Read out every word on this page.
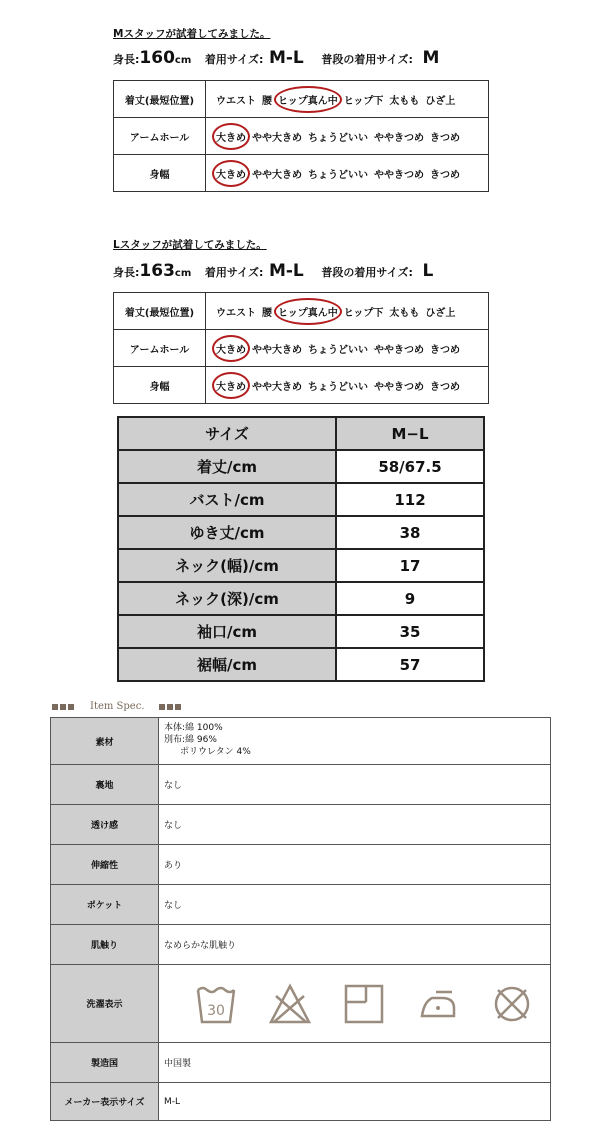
Mスタッフが試着してみました。
身長:160cm 着用サイズ: M-L 普段の着用サイズ: M
着丈(最短位置)	ウエスト 腰 ヒップ真ん中 ヒップ下 太もも ひざ上
アームホール	大きめ やや大きめ ちょうどいい ややきつめ きつめ
身幅	大きめ やや大きめ ちょうどいい ややきつめ きつめ
Lスタッフが試着してみました。
身長:163cm 着用サイズ: M-L 普段の着用サイズ: L
着丈(最短位置)	ウエスト 腰 ヒップ真ん中 ヒップ下 太もも ひざ上
アームホール	大きめ やや大きめ ちょうどいい ややきつめ きつめ
身幅	大きめ やや大きめ ちょうどいい ややきつめ きつめ
サイズ	M−L
着丈/cm	58/67.5
バスト/cm	112
ゆき丈/cm	38
ネック(幅)/cm	17
ネック(深)/cm	9
袖口/cm	35
裾幅/cm	57
Item Spec.
素材	本体:綿 100%
別布:綿 96%
ポリウレタン 4%

裏地	なし
透け感	なし
伸縮性	あり
ポケット	なし
肌触り	なめらかな肌触り
洗濯表示	30

製造国	中国製
メーカー表示サイズ	M-L
